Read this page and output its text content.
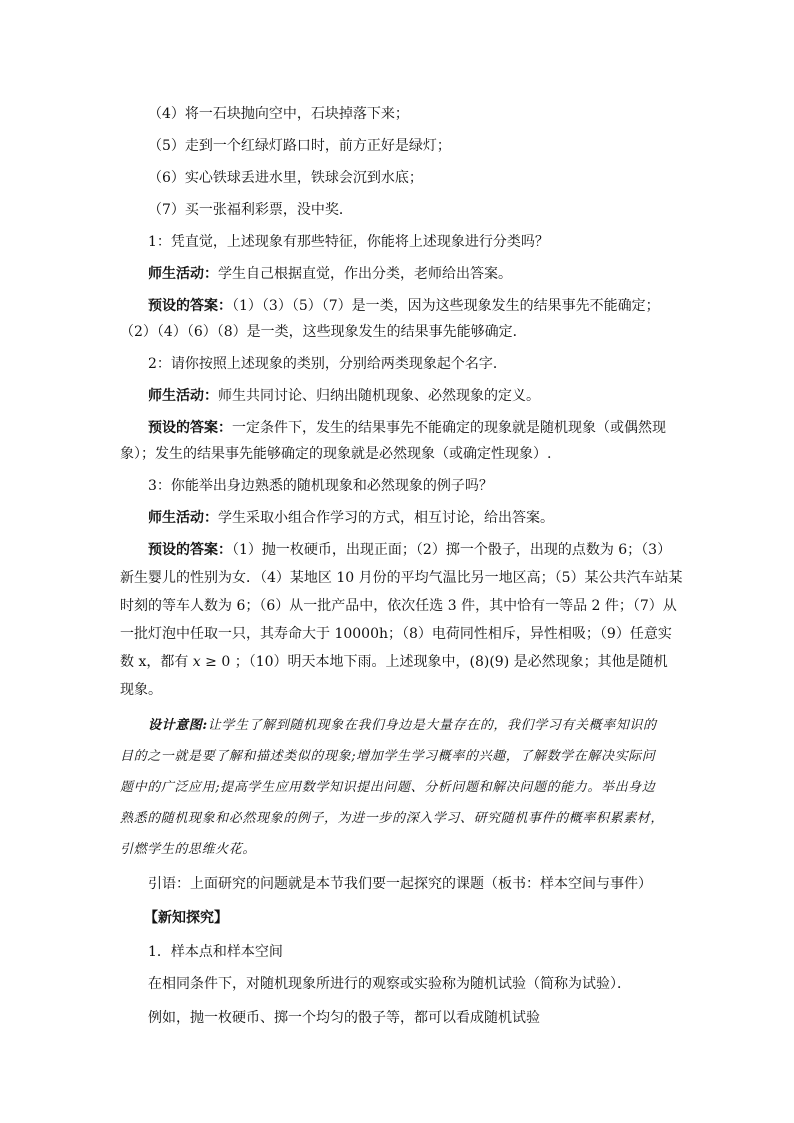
（4）将一石块抛向空中，石块掉落下来；
（5）走到一个红绿灯路口时，前方正好是绿灯；
（6）实心铁球丢进水里，铁球会沉到水底；
（7）买一张福利彩票，没中奖．
1：凭直觉，上述现象有那些特征，你能将上述现象进行分类吗？
师生活动：学生自己根据直觉，作出分类，老师给出答案。
预设的答案：（1）（3）（5）（7）是一类，因为这些现象发生的结果事先不能确定；
（2）（4）（6）（8）是一类，这些现象发生的结果事先能够确定．
2：请你按照上述现象的类别，分别给两类现象起个名字．
师生活动：师生共同讨论、归纳出随机现象、必然现象的定义。
预设的答案：一定条件下，发生的结果事先不能确定的现象就是随机现象（或偶然现
象）；发生的结果事先能够确定的现象就是必然现象（或确定性现象）.
3：你能举出身边熟悉的随机现象和必然现象的例子吗？
师生活动：学生采取小组合作学习的方式，相互讨论，给出答案。
预设的答案：（1）抛一枚硬币，出现正面；（2）掷一个骰子，出现的点数为 6；（3）
新生婴儿的性别为女．（4）某地区 10 月份的平均气温比另一地区高；（5）某公共汽车站某
时刻的等车人数为 6；（6）从一批产品中，依次任选 3 件，其中恰有一等品 2 件；（7）从
一批灯泡中任取一只，其寿命大于 10000h；（8）电荷同性相斥，异性相吸；（9）任意实
数 x，都有 x ≥ 0 ；（10）明天本地下雨。上述现象中，(8)(9) 是必然现象；其他是随机
现象。
设计意图:让学生了解到随机现象在我们身边是大量存在的，我们学习有关概率知识的
目的之一就是要了解和描述类似的现象;增加学生学习概率的兴趣，了解数学在解决实际问
题中的广泛应用;提高学生应用数学知识提出问题、分析问题和解决问题的能力。举出身边
熟悉的随机现象和必然现象的例子，为进一步的深入学习、研究随机事件的概率积累素材，
引燃学生的思维火花。
引语：上面研究的问题就是本节我们要一起探究的课题（板书：样本空间与事件）
【新知探究】
1．样本点和样本空间
在相同条件下，对随机现象所进行的观察或实验称为随机试验（简称为试验）．
例如，抛一枚硬币、掷一个均匀的骰子等，都可以看成随机试验
